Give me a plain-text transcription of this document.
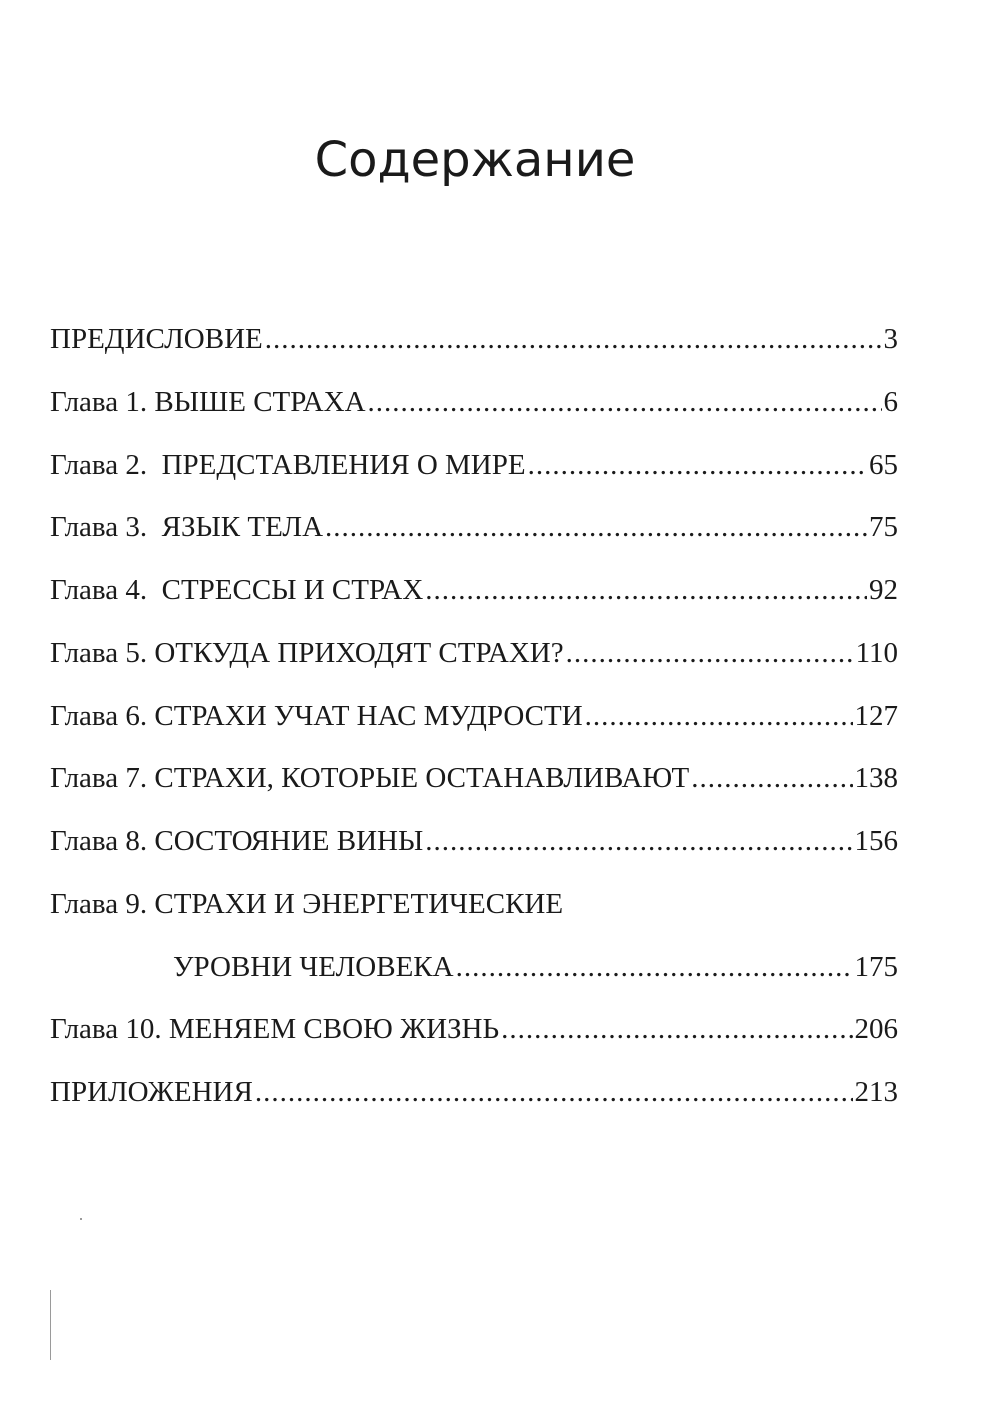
Содержание
ПРЕДИСЛОВИЕ .....	3
Глава 1. ВЫШЕ СТРАХА .....	6
Глава 2.  ПРЕДСТАВЛЕНИЯ О МИРЕ .....	65
Глава 3.  ЯЗЫК ТЕЛА .....	75
Глава 4.  СТРЕССЫ И СТРАХ .....	92
Глава 5. ОТКУДА ПРИХОДЯТ СТРАХИ? .....	110
Глава 6. СТРАХИ УЧАТ НАС МУДРОСТИ .....	127
Глава 7. СТРАХИ, КОТОРЫЕ ОСТАНАВЛИВАЮТ .....	138
Глава 8. СОСТОЯНИЕ ВИНЫ .....	156
Глава 9. СТРАХИ И ЭНЕРГЕТИЧЕСКИЕ
УРОВНИ ЧЕЛОВЕКА .....	175
Глава 10. МЕНЯЕМ СВОЮ ЖИЗНЬ .....	206
ПРИЛОЖЕНИЯ .....	213
